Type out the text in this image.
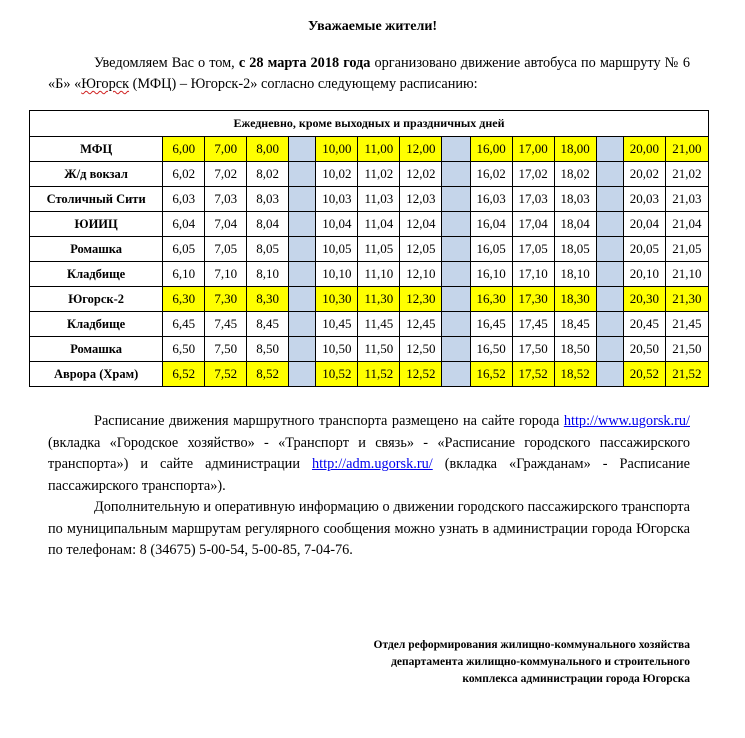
Уважаемые жители!
Уведомляем Вас о том, с 28 марта 2018 года организовано движение автобуса по маршруту № 6 «Б» «Югорск (МФЦ) – Югорск-2» согласно следующему расписанию:
Ежедневно, кроме выходных и праздничных дней														
МФЦ	6,00	7,00	8,00		10,00	11,00	12,00		16,00	17,00	18,00		20,00	21,00
Ж/д вокзал	6,02	7,02	8,02		10,02	11,02	12,02		16,02	17,02	18,02		20,02	21,02
Столичный Сити	6,03	7,03	8,03		10,03	11,03	12,03		16,03	17,03	18,03		20,03	21,03
ЮИИЦ	6,04	7,04	8,04		10,04	11,04	12,04		16,04	17,04	18,04		20,04	21,04
Ромашка	6,05	7,05	8,05		10,05	11,05	12,05		16,05	17,05	18,05		20,05	21,05
Кладбище	6,10	7,10	8,10		10,10	11,10	12,10		16,10	17,10	18,10		20,10	21,10
Югорск-2	6,30	7,30	8,30		10,30	11,30	12,30		16,30	17,30	18,30		20,30	21,30
Кладбище	6,45	7,45	8,45		10,45	11,45	12,45		16,45	17,45	18,45		20,45	21,45
Ромашка	6,50	7,50	8,50		10,50	11,50	12,50		16,50	17,50	18,50		20,50	21,50
Аврора (Храм)	6,52	7,52	8,52		10,52	11,52	12,52		16,52	17,52	18,52		20,52	21,52

Расписание движения маршрутного транспорта размещено на сайте города http://www.ugorsk.ru/ (вкладка «Городское хозяйство» - «Транспорт и связь» - «Расписание городского пассажирского транспорта») и сайте администрации http://adm.ugorsk.ru/ (вкладка «Гражданам» - Расписание пассажирского транспорта»).

Дополнительную и оперативную информацию о движении городского пассажирского транспорта по муниципальным маршрутам регулярного сообщения можно узнать в администрации города Югорска по телефонам: 8 (34675) 5-00-54, 5-00-85, 7-04-76.

Отдел реформирования жилищно-коммунального хозяйства
департамента жилищно-коммунального и строительного
комплекса администрации города Югорска
